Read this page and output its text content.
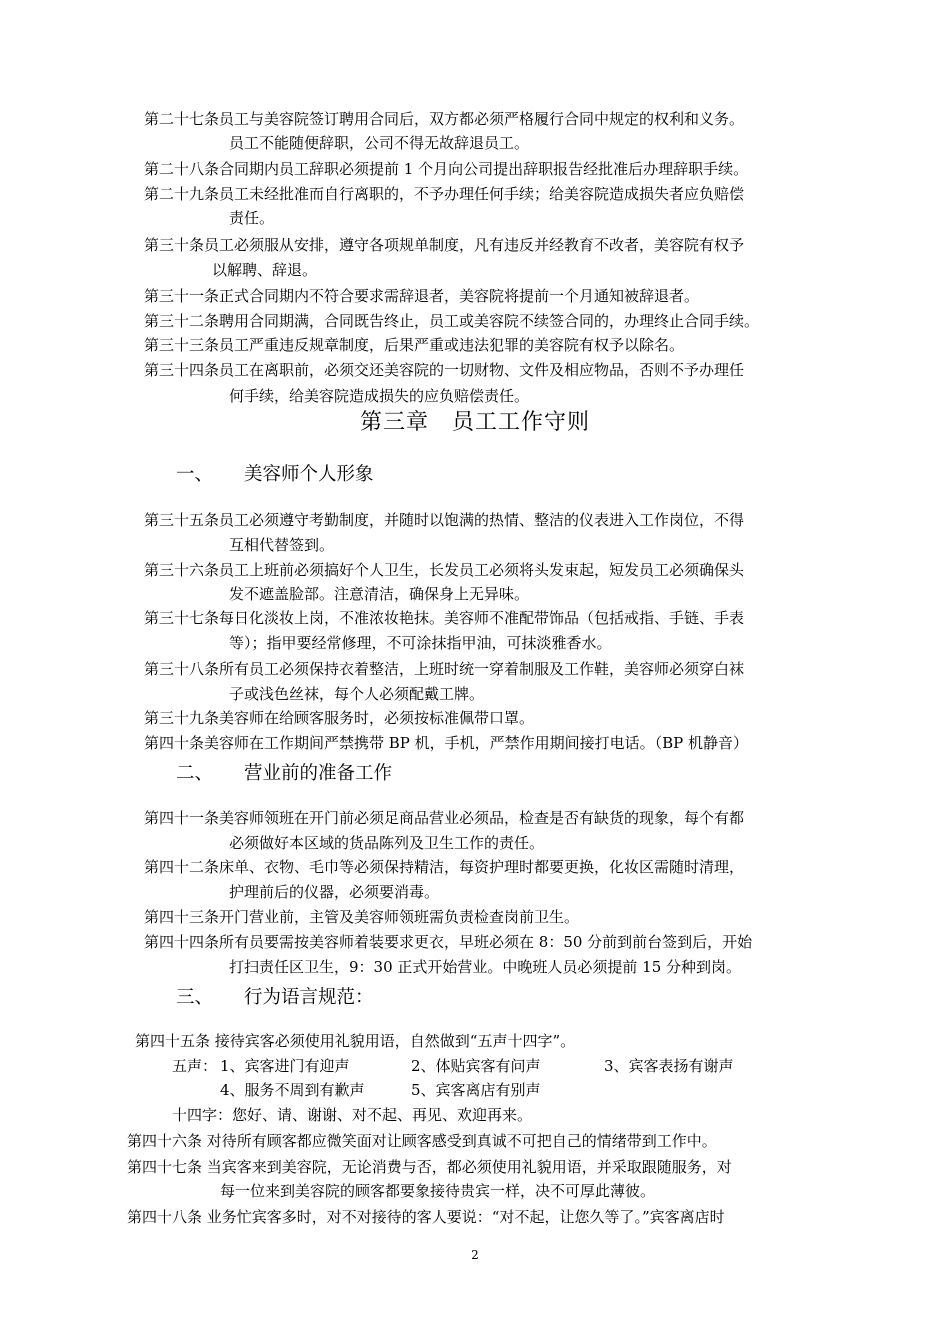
第二十七条员工与美容院签订聘用合同后，双方都必须严格履行合同中规定的权利和义务。
员工不能随便辞职，公司不得无故辞退员工。
第二十八条合同期内员工辞职必须提前 1 个月向公司提出辞职报告经批准后办理辞职手续。
第二十九条员工未经批准而自行离职的，不予办理任何手续；给美容院造成损失者应负赔偿
责任。
第三十条员工必须服从安排，遵守各项规单制度，凡有违反并经教育不改者，美容院有权予
以解聘、辞退。
第三十一条正式合同期内不符合要求需辞退者，美容院将提前一个月通知被辞退者。
第三十二条聘用合同期满，合同既告终止，员工或美容院不续签合同的，办理终止合同手续。
第三十三条员工严重违反规章制度，后果严重或违法犯罪的美容院有权予以除名。
第三十四条员工在离职前，必须交还美容院的一切财物、文件及相应物品，否则不予办理任
何手续，给美容院造成损失的应负赔偿责任。
第三章　员工工作守则
一、 美容师个人形象
第三十五条员工必须遵守考勤制度，并随时以饱满的热情、整洁的仪表进入工作岗位，不得
互相代替签到。
第三十六条员工上班前必须搞好个人卫生，长发员工必须将头发束起，短发员工必须确保头
发不遮盖脸部。注意清洁，确保身上无异味。
第三十七条每日化淡妆上岗，不准浓妆艳抹。美容师不准配带饰品（包括戒指、手链、手表
等）；指甲要经常修理，不可涂抹指甲油，可抹淡雅香水。
第三十八条所有员工必须保持衣着整洁，上班时统一穿着制服及工作鞋，美容师必须穿白袜
子或浅色丝袜，每个人必须配戴工牌。
第三十九条美容师在给顾客服务时，必须按标准佩带口罩。
第四十条美容师在工作期间严禁携带 BP 机，手机，严禁作用期间接打电话。（BP 机静音）
二、 营业前的准备工作
第四十一条美容师领班在开门前必须足商品营业必须品，检查是否有缺货的现象，每个有都
必须做好本区域的货品陈列及卫生工作的责任。
第四十二条床单、衣物、毛巾等必须保持精洁，每资护理时都要更换，化妆区需随时清理，
护理前后的仪器，必须要消毒。
第四十三条开门营业前，主管及美容师领班需负责检查岗前卫生。
第四十四条所有员要需按美容师着装要求更衣，早班必须在 8：50 分前到前台签到后，开始
打扫责任区卫生，9：30 正式开始营业。中晚班人员必须提前 15 分种到岗。
三、 行为语言规范：
第四十五条 接待宾客必须使用礼貌用语，自然做到“五声十四字”。
五声： 1、宾客进门有迎声	2、体贴宾客有问声	3、宾客表扬有谢声
4、服务不周到有歉声	5、宾客离店有别声
十四字：您好、请、谢谢、对不起、再见、欢迎再来。
第四十六条 对待所有顾客都应微笑面对让顾客感受到真诚不可把自己的情绪带到工作中。
第四十七条 当宾客来到美容院，无论消费与否，都必须使用礼貌用语，并采取跟随服务，对
每一位来到美容院的顾客都要象接待贵宾一样，决不可厚此薄彼。
第四十八条 业务忙宾客多时，对不对接待的客人要说：“对不起，让您久等了。”宾客离店时
2
